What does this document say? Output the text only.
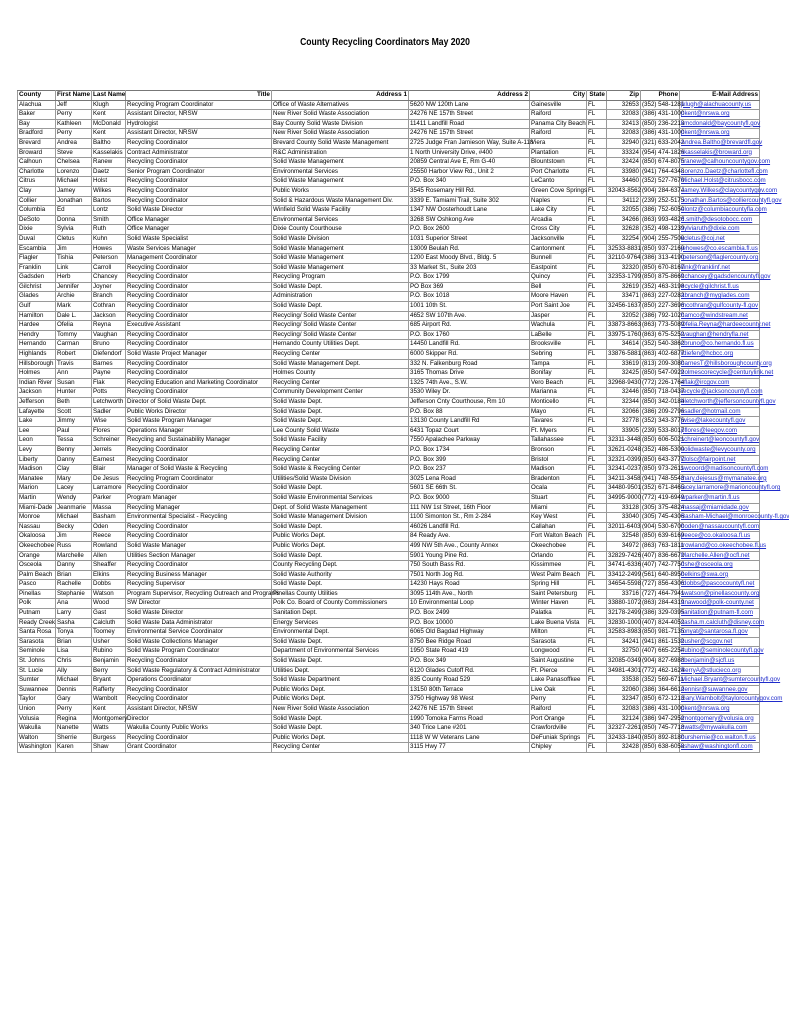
County Recycling Coordinators May 2020
County	First Name	Last Name	Title	Address 1	Address 2	City	State	Zip	Phone	E-Mail Address
Alachua	Jeff	Klugh	Recycling Program Coordinator	Office of Waste Alternatives	5620 NW 120th Lane	Gainesville	FL	32653	(352) 548-1281	jklugh@alachuacounty.us
Baker	Perry	Kent	Assistant Director, NRSW	New River Solid Waste Association	24276 NE 157th Street	Raiford	FL	32083	(386) 431-1000	pkent@nrswa.org
Bay	Kathleen	McDonald	Hydrologist	Bay County Solid Waste Division	11411 Landfill Road	Panama City Beach	FL	32413	(850) 236-2213	kmcdonald@baycountyfl.gov
Bradford	Perry	Kent	Assistant Director, NRSW	New River Solid Waste Association	24276 NE 157th Street	Raiford	FL	32083	(386) 431-1000	pkent@nrswa.org
Brevard	Andrea	Baltho	Recycling Coordinator	Brevard County Solid Waste Management	2725 Judge Fran Jamieson Way, Suite A-118	Viera	FL	32940	(321) 633-2042	Andrea.Baltho@brevardfl.gov
Broward	Steve	Kasselakis	Contract Administrator	R&C Administration	1 North University Drive, #400	Plantation	FL	33324	(954) 474-1826	skasselakis@broward.org
Calhoun	Chelsea	Ranew	Recycling Coordinator	Solid Waste Management	20859 Central Ave E, Rm G-40	Blountstown	FL	32424	(850) 674-8075	cranew@calhouncountygov.com
Charlotte	Lorenzo	Daetz	Senior Program Coordinator	Environmental Services	25550 Harbor View Rd., Unit 2	Port Charlotte	FL	33980	(941) 764-4348	Lorenzo.Daetz@charlottefl.com
Citrus	Michael	Holst	Recycling Coordinator	Solid Waste Management	P.O. Box 340	LeCanto	FL	34460	(352) 527-7670	Michael.Holst@citrusbocc.com
Clay	Jamey	Wilkes	Recycling Coordinator	Public Works	3545 Rosemary Hill Rd.	Green Cove Springs	FL	32043-8562	(904) 284-6374	Jamey.Wilkes@claycountygov.com
Collier	Jonathan	Bartos	Recycling Coordinator	Solid & Hazardous Waste Management Div.	3339 E. Tamiami Trail, Suite 302	Naples	FL	34112	(239) 252-5175	Jonathan.Bartos@colliercountyfl.gov
Columbia	Ed	Lontz	Solid Waste Director	Winfield Solid Waste Facility	1347 NW Oosterhoudt Lane	Lake City	FL	32055	(386) 752-6050	elontz@columbiacountyfla.com
DeSoto	Donna	Smith	Office Manager	Environmental Services	3268 SW Oshkong Ave	Arcadia	FL	34266	(863) 993-4826	d.smith@desotobocc.com
Dixie	Sylvia	Ruth	Office Manager	Dixie County Courthouse	P.O. Box 2600	Cross City	FL	32628	(352) 498-1239	sylviaruth@dixie.com
Duval	Cletus	Kuhn	Solid Waste Specialist	Solid Waste Division	1031 Superior Street	Jacksonville	FL	32254	(904) 255-7500	kcletus@coj.net
Escambia	Jim	Howes	Waste Services Manager	Solid Waste Management	13009 Beulah Rd.	Cantonment	FL	32533-8831	(850) 937-2160	jehowes@co.escambia.fl.us
Flagler	Tishia	Peterson	Management Coordinator	Solid Waste Management	1200 East Moody Blvd., Bldg. 5	Bunnell	FL	32110-9764	(386) 313-4190	tpeterson@flaglercounty.org
Franklin	Link	Carroll	Recycling Coordinator	Solid Waste Management	33 Market St., Suite 203	Eastpoint	FL	32320	(850) 670-8167	llink@franklinf.net
Gadsden	Herb	Chancey	Recycling Coordinator	Recycling Program	P.O. Box 1799	Quincy	FL	32353-1799	(850) 875-8669	hchancey@gadsdencountyfl.gov
Gilchrist	Jennifer	Joyner	Recycling Coordinator	Solid Waste Dept.	PO Box 369	Bell	FL	32619	(352) 463-3198	ecycle@gilchrist.fl.us
Glades	Archie	Branch	Recycling Coordinator	Administration	P.O. Box 1018	Moore Haven	FL	33471	(863) 227-0282	abranch@myglades.com
Gulf	Mark	Cothran	Recycling Coordinator	Solid Waste Dept.	1001 10th St.	Port Saint Joe	FL	32456-1637	(850) 227-3696	mcothran@gulfcounty-fl.gov
Hamilton	Dale L.	Jackson	Recycling Coordinator	Recycling/ Solid Waste Center	4652 SW 107th Ave.	Jasper	FL	32052	(386) 792-1020	hamco@windstream.net
Hardee	Ofelia	Reyna	Executive Assistant	Recycling/ Solid Waste Center	685 Airport Rd.	Wachula	FL	33873-8663	(863) 773-5089	Ofelia.Reyna@hardeecounty.net
Hendry	Tommy	Vaughan	Recycling Coordinator	Recycling/ Solid Waste Center	P.O. Box 1760	LaBelle	FL	33975-1760	(863) 675-5252	tvaughan@hendryfla.net
Hernando	Carman	Bruno	Recycling Coordinator	Hernando County Utilities Dept.	14450 Landfill Rd.	Brooksville	FL	34614	(352) 540-3862	cbruno@co.hernando.fl.us
Highlands	Robert	Diefendorf	Solid Waste Project Manager	Recycling Center	6000 Skipper Rd.	Sebring	FL	33876-5881	(863) 402-6877	rdiefen@hcbcc.org
Hillsborough	Travis	Barnes	Recycling Coordinator	Solid Waste Management Dept.	332 N. Falkenburg Road	Tampa	FL	33619	(813) 209-3080	barnesT@hillsboroughcounty.org
Holmes	Ann	Payne	Recycling Coordinator	Holmes County	3165 Thomas Drive	Bonifay	FL	32425	(850) 547-0922	holmescorecycle@centurylink.net
Indian River	Susan	Flak	Recycling Education and Marketing Coordinator	Recycling Center	1325 74th Ave., S.W.	Vero Beach	FL	32968-9430	(772) 226-1764	sflak@ircgov.com
Jackson	Hunter	Potts	Recycling Coordinator	Community Development Center	3530 Wiley Dr.	Marianna	FL	32446	(850) 718-0437	recycle@jacksoncountyfl.com
Jefferson	Beth	Letchworth	Director of Solid Waste Dept.	Solid Waste Dept.	Jefferson Cnty Courthouse, Rm 10	Monticello	FL	32344	(850) 342-0184	bletchworth@jeffersoncountyfl.gov
Lafayette	Scott	Sadler	Public Works Director	Solid Waste Dept.	P.O. Box 88	Mayo	FL	32066	(386) 209-2796	ssadler@hotmail.com
Lake	Jimmy	Wise	Solid Waste Program Manager	Solid Waste Dept.	13130 County Landfill Rd	Tavares	FL	32778	(352) 343-3776	jwise@lakecountyfl.gov
Lee	Paul	Flores	Operations Manager	Lee County Solid Waste	6431 Topaz Court	Ft. Myers	FL	33905	(239) 533-8017	pflores@leegov.com
Leon	Tessa	Schreiner	Recycling and Sustainability Manager	Solid Waste Facility	7550 Apalachee Parkway	Tallahassee	FL	32311-3448	(850) 606-5021	schreinert@leoncountyfl.gov
Levy	Benny	Jerrels	Recycling Coordinator	Recycling Center	P.O. Box 1734	Bronson	FL	32621-0248	(352) 486-5300	solidwaste@levycounty.org
Liberty	Danny	Earnest	Recycling Coordinator	Recycling Center	P.O. Box 399	Bristol	FL	32321-0399	(850) 643-3777	ldolsc@fairpoint.net
Madison	Clay	Blair	Manager of Solid Waste & Recycling	Solid Waste & Recycling Center	P.O. Box 237	Madison	FL	32341-0237	(850) 973-2611	swcoord@madisoncountyfl.com
Manatee	Mary	De Jesus	Recycling Program Coordinator	Utilities/Solid Waste Division	3025 Lena Road	Bradenton	FL	34211-3458	(941) 748-5543	mary.dejesus@mymanatee.org
Marion	Lacey	Larramore	Recycling Coordinator	Solid Waste Dept.	5601 SE 66th St.	Ocala	FL	34480-9501	(352) 671-8465	lacey.larramore@marioncountyfl.org
Martin	Wendy	Parker	Program Manager	Solid Waste Environmental Services	P.O. Box 9000	Stuart	FL	34995-9000	(772) 419-6949	wparker@martin.fl.us
Miami-Dade	Jeanmarie	Massa	Recycling Manager	Dept. of Solid Waste Management	111 NW 1st Street, 16th Floor	Miami	FL	33128	(305) 375-4824	massaj@miamidade.gov
Monroe	Michael	Basham	Environmental Specialist - Recycling	Solid Waste Management Division	1100 Simonton St., Rm 2-284	Key West	FL	33040	(305) 745-4306	Basham-Michael@monroecounty-fl.gov
Nassau	Becky	Oden	Recycling Coordinator	Solid Waste Dept.	46026 Landfill Rd.	Callahan	FL	32011-6403	(904) 530-6700	boden@nassaucountyfl.com
Okaloosa	Jim	Reece	Recycling Coordinator	Public Works Dept.	84 Ready Ave.	Fort Walton Beach	FL	32548	(850) 639-6169	jreece@co.okaloosa.fl.us
Okeechobee	Russ	Rowland	Solid Waste Manager	Public Works Dept.	499 NW 5th Ave., County Annex	Okeechobee	FL	34972	(863) 763-1811	rrowland@co.okeechobee.fl.us
Orange	Marchelle	Allen	Utilities Section Manager	Solid Waste Dept.	5901 Young Pine Rd.	Orlando	FL	32829-7426	(407) 836-6672	Marchelle.Allen@ocfl.net
Osceola	Danny	Sheaffer	Recycling Coordinator	County Recycling Dept.	750 South Bass Rd.	Kissimmee	FL	34741-6336	(407) 742-7750	dshe@osceola.org
Palm Beach	Brian	Elkins	Recycling Business Manager	Solid Waste Authority	7501 North Jog Rd.	West Palm Beach	FL	33412-2499	(561) 640-8950	belkins@swa.org
Pasco	Rachelle	Dobbs	Recycling Supervisor	Solid Waste Dept.	14230 Hays Road	Spring Hill	FL	34654-5598	(727) 856-4306	rdobbs@pascocountyfl.net
Pinellas	Stephanie	Watson	Program Supervisor, Recycling Outreach and Programs	Pinellas County Utilities	3095 114th Ave., North	Saint Petersburg	FL	33716	(727) 464-7941	swatson@pinellascounty.org
Polk	Ana	Wood	SW Director	Polk Co. Board of County Commissioners	10 Environmental Loop	Winter Haven	FL	33880-1072	(863) 284-4319	anawood@polk-county.net
Putnam	Larry	Gast	Solid Waste Director	Sanitation Dept.	P.O. Box 2499	Palatka	FL	32178-2499	(386) 329-0395	sanitation@putnam-fl.com
Ready Creek	Sasha	Calcluth	Solid Waste Data Administrator	Energy Services	P.O. Box 10000	Lake Buena Vista	FL	32830-1000	(407) 824-4052	sasha.m.calcluth@disney.com
Santa Rosa	Tonya	Toomey	Environmental Service Coordinator	Environmental Dept.	6065 Old Bagdad Highway	Milton	FL	32583-8983	(850) 981-7135	tonyat@santarosa.fl.gov
Sarasota	Brian	Usher	Solid Waste Collections Manager	Solid Waste Dept.	8750 Bee Ridge Road	Sarasota	FL	34241	(941) 861-1532	busher@scgov.net
Seminole	Lisa	Rubino	Solid Waste Program Coordinator	Department of Environmental Services	1950 State Road 419	Longwood	FL	32750	(407) 665-2254	lrubino@seminolecountyfl.gov
St. Johns	Chris	Benjamin	Recycling Coordinator	Solid Waste Dept.	P.O. Box 349	Saint Augustine	FL	32085-0349	(904) 827-6988	cbenjamin@sjcfl.us
St. Lucie	Ally	Berry	Solid Waste Regulatory & Contract Administrator	Utilities Dept.	6120 Glades Cutoff Rd.	Ft. Pierce	FL	34981-4301	(772) 462-1624	BerryA@stlucieco.org
Sumter	Michael	Bryant	Operations Coordinator	Solid Waste Department	835 County Road 529	Lake Panasoffkee	FL	33538	(352) 569-6711	Michael.Bryant@sumtercountyfl.gov
Suwannee	Dennis	Rafferty	Recycling Coordinator	Public Works Dept.	13150 80th Terrace	Live Oak	FL	32060	(386) 364-6612	dennisr@suwannee.gov
Taylor	Gary	Wambolt	Recycling Coordinator	Public Works Dept.	3750 Highway 98 West	Perry	FL	32347	(850) 672-1213	Gary.Wambolt@taylorcountygov.com
Union	Perry	Kent	Assistant Director, NRSW	New River Solid Waste Association	24276 NE 157th Street	Raiford	FL	32083	(386) 431-1000	pkent@nrswa.org
Volusia	Regina	Montgomery	Director	Solid Waste Dept.	1990 Tomoka Farms Road	Port Orange	FL	32124	(386) 947-2952	rmontgomery@volusia.org
Wakulla	Nanette	Watts	Wakulla County Public Works	Solid Waste Dept.	340 Trice Lane #201	Crawfordville	FL	32327-2261	(850) 745-7718	nwatts@mywakulla.com
Walton	Sherrie	Burgess	Recycling Coordinator	Public Works Dept.	1118 W W Veterans Lane	DeFuniak Springs	FL	32433-1840	(850) 892-8180	burshernie@co.walton.fl.us
Washington	Karen	Shaw	Grant Coordinator	Recycling Center	3115 Hwy 77	Chipley	FL	32428	(850) 638-6058	kshaw@washingtonfl.com
